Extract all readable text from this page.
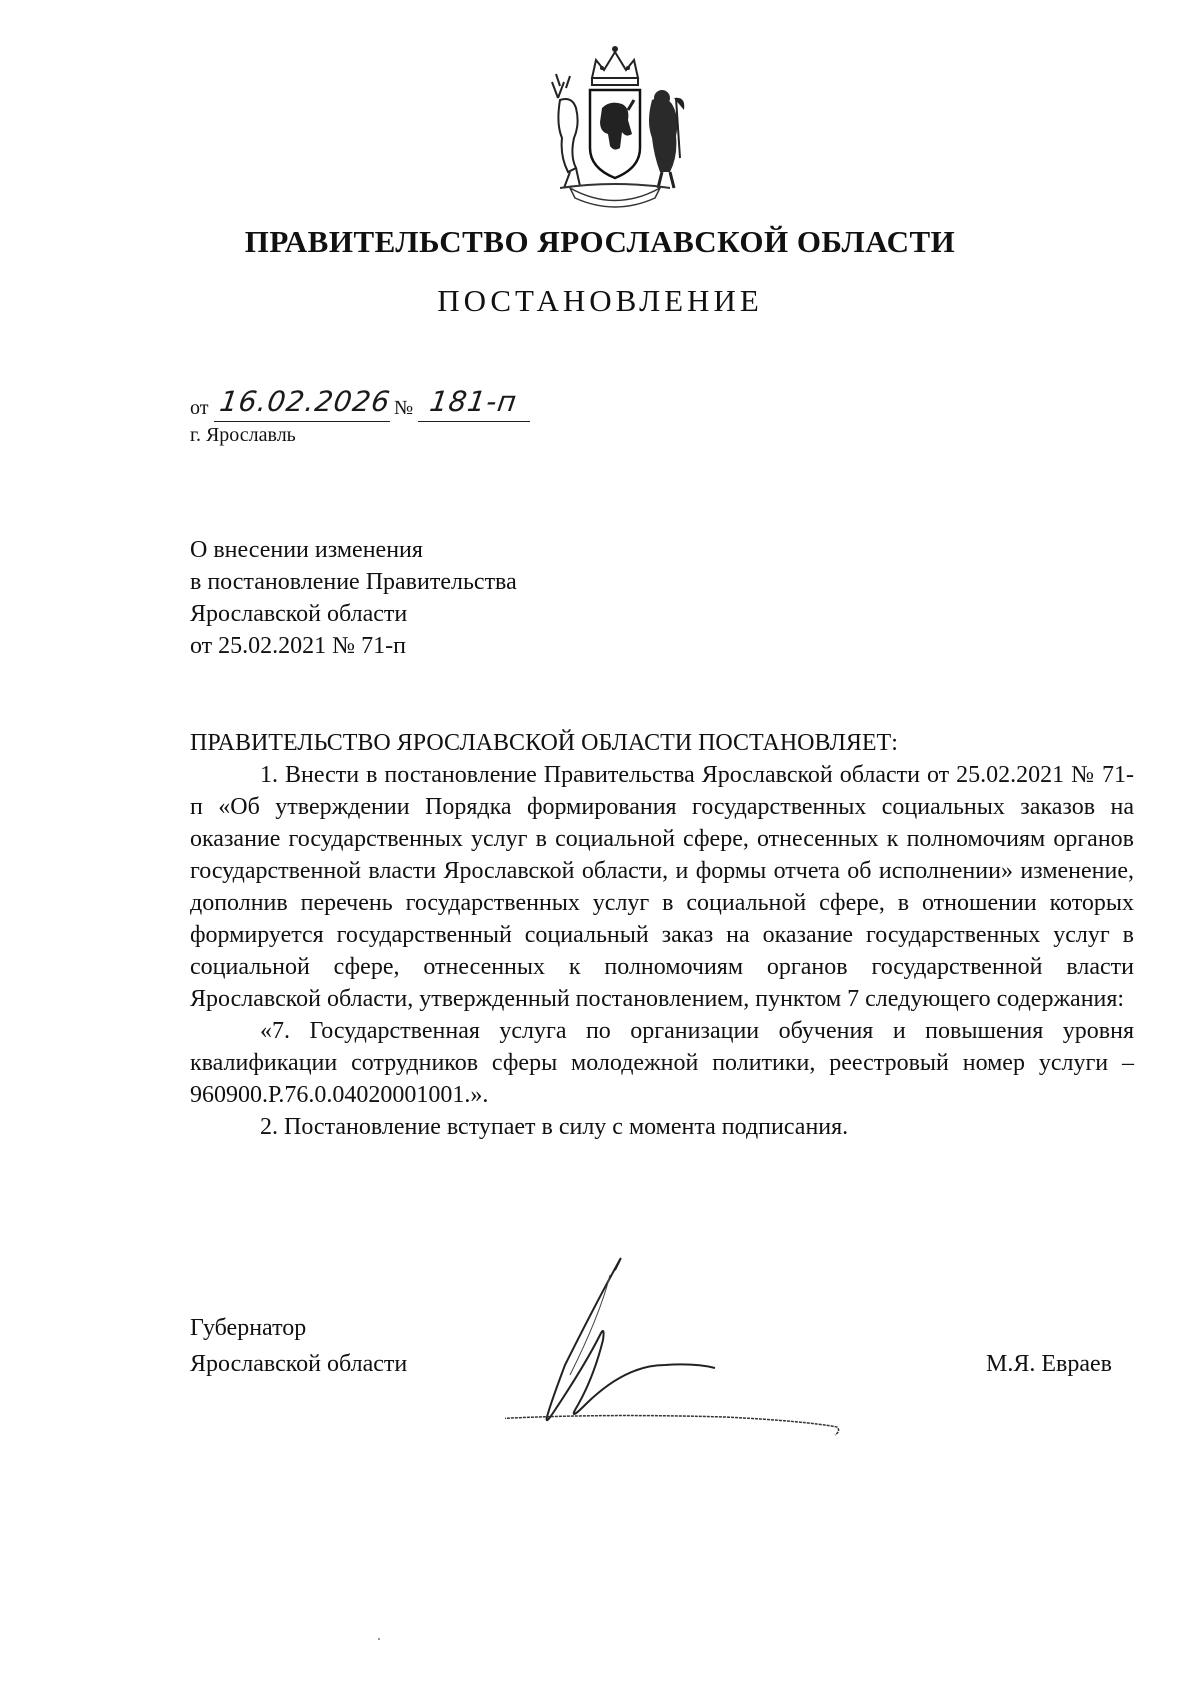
ПРАВИТЕЛЬСТВО ЯРОСЛАВСКОЙ ОБЛАСТИ
ПОСТАНОВЛЕНИЕ
от 16.02.2026 № 181-п
г. Ярославль
О внесении изменения
в постановление Правительства
Ярославской области
от 25.02.2021 № 71-п
ПРАВИТЕЛЬСТВО ЯРОСЛАВСКОЙ ОБЛАСТИ ПОСТАНОВЛЯЕТ:
1. Внести в постановление Правительства Ярославской области от 25.02.2021 № 71-п «Об утверждении Порядка формирования государственных социальных заказов на оказание государственных услуг в социальной сфере, отнесенных к полномочиям органов государственной власти Ярославской области, и формы отчета об исполнении» изменение, дополнив перечень государственных услуг в социальной сфере, в отношении которых формируется государственный социальный заказ на оказание государственных услуг в социальной сфере, отнесенных к полномочиям органов государственной власти Ярославской области, утвержденный постановлением, пунктом 7 следующего содержания:
«7. Государственная услуга по организации обучения и повышения уровня квалификации сотрудников сферы молодежной политики, реестровый номер услуги – 960900.Р.76.0.04020001001.».
2. Постановление вступает в силу с момента подписания.
Губернатор
Ярославской области	М.Я. Евраев
